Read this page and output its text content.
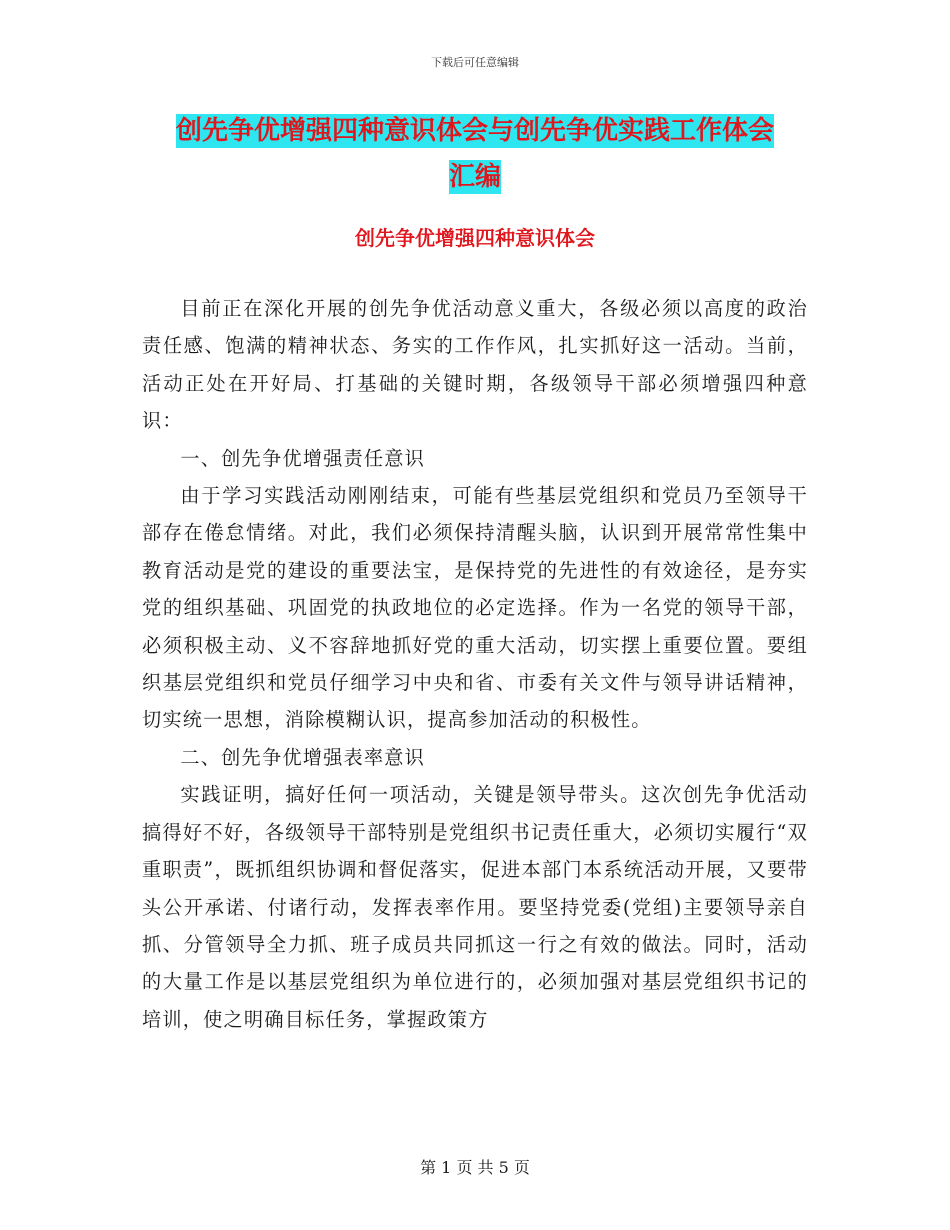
下载后可任意编辑
创先争优增强四种意识体会与创先争优实践工作体会
汇编
创先争优增强四种意识体会

目前正在深化开展的创先争优活动意义重大，各级必须以高度的政治责任感、饱满的精神状态、务实的工作作风，扎实抓好这一活动。当前，活动正处在开好局、打基础的关键时期，各级领导干部必须增强四种意识：

一、创先争优增强责任意识

由于学习实践活动刚刚结束，可能有些基层党组织和党员乃至领导干部存在倦怠情绪。对此，我们必须保持清醒头脑，认识到开展常常性集中教育活动是党的建设的重要法宝，是保持党的先进性的有效途径，是夯实党的组织基础、巩固党的执政地位的必定选择。作为一名党的领导干部，必须积极主动、义不容辞地抓好党的重大活动，切实摆上重要位置。要组织基层党组织和党员仔细学习中央和省、市委有关文件与领导讲话精神，切实统一思想，消除模糊认识，提高参加活动的积极性。

二、创先争优增强表率意识

实践证明，搞好任何一项活动，关键是领导带头。这次创先争优活动搞得好不好，各级领导干部特别是党组织书记责任重大，必须切实履行“双重职责”，既抓组织协调和督促落实，促进本部门本系统活动开展，又要带头公开承诺、付诸行动，发挥表率作用。要坚持党委(党组)主要领导亲自抓、分管领导全力抓、班子成员共同抓这一行之有效的做法。同时，活动的大量工作是以基层党组织为单位进行的，必须加强对基层党组织书记的培训，使之明确目标任务，掌握政策方

第 1 页 共 5 页
